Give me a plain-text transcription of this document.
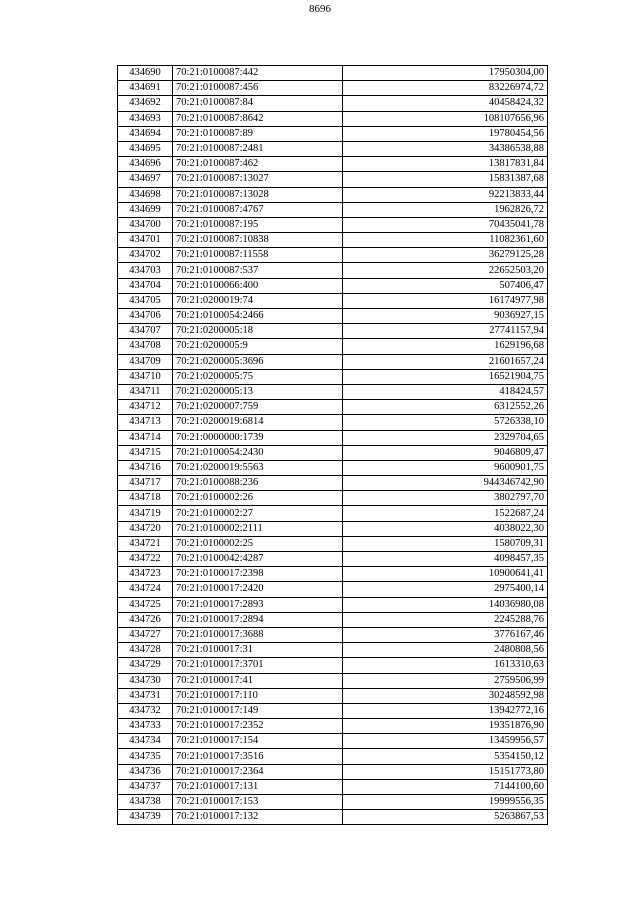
8696
434690	70:21:0100087:442	17950304,00
434691	70:21:0100087:456	83226974,72
434692	70:21:0100087:84	40458424,32
434693	70:21:0100087:8642	108107656,96
434694	70:21:0100087:89	19780454,56
434695	70:21:0100087:2481	34386538,88
434696	70:21:0100087:462	13817831,84
434697	70:21:0100087:13027	15831387,68
434698	70:21:0100087:13028	92213833,44
434699	70:21:0100087:4767	1962826,72
434700	70:21:0100087:195	70435041,78
434701	70:21:0100087:10838	11082361,60
434702	70:21:0100087:11558	36279125,28
434703	70:21:0100087:537	22652503,20
434704	70:21:0100066:400	507406,47
434705	70:21:0200019:74	16174977,98
434706	70:21:0100054:2466	9036927,15
434707	70:21:0200005:18	27741157,94
434708	70:21:0200005:9	1629196,68
434709	70:21:0200005:3696	21601657,24
434710	70:21:0200005:75	16521904,75
434711	70:21:0200005:13	418424,57
434712	70:21:0200007:759	6312552,26
434713	70:21:0200019:6814	5726338,10
434714	70:21:0000000:1739	2329704,65
434715	70:21:0100054:2430	9046809,47
434716	70:21:0200019:5563	9600901,75
434717	70:21:0100088:236	944346742,90
434718	70:21:0100002:26	3802797,70
434719	70:21:0100002:27	1522687,24
434720	70:21:0100002:2111	4038022,30
434721	70:21:0100002:25	1580709,31
434722	70:21:0100042:4287	4098457,35
434723	70:21:0100017:2398	10900641,41
434724	70:21:0100017:2420	2975400,14
434725	70:21:0100017:2893	14036980,08
434726	70:21:0100017:2894	2245288,76
434727	70:21:0100017:3688	3776167,46
434728	70:21:0100017:31	2480808,56
434729	70:21:0100017:3701	1613310,63
434730	70:21:0100017:41	2759506,99
434731	70:21:0100017:110	30248592,98
434732	70:21:0100017:149	13942772,16
434733	70:21:0100017:2352	19351876,90
434734	70:21:0100017:154	13459956,57
434735	70:21:0100017:3516	5354150,12
434736	70:21:0100017:2364	15151773,80
434737	70:21:0100017:131	7144100,60
434738	70:21:0100017:153	19999556,35
434739	70:21:0100017:132	5263867,53
